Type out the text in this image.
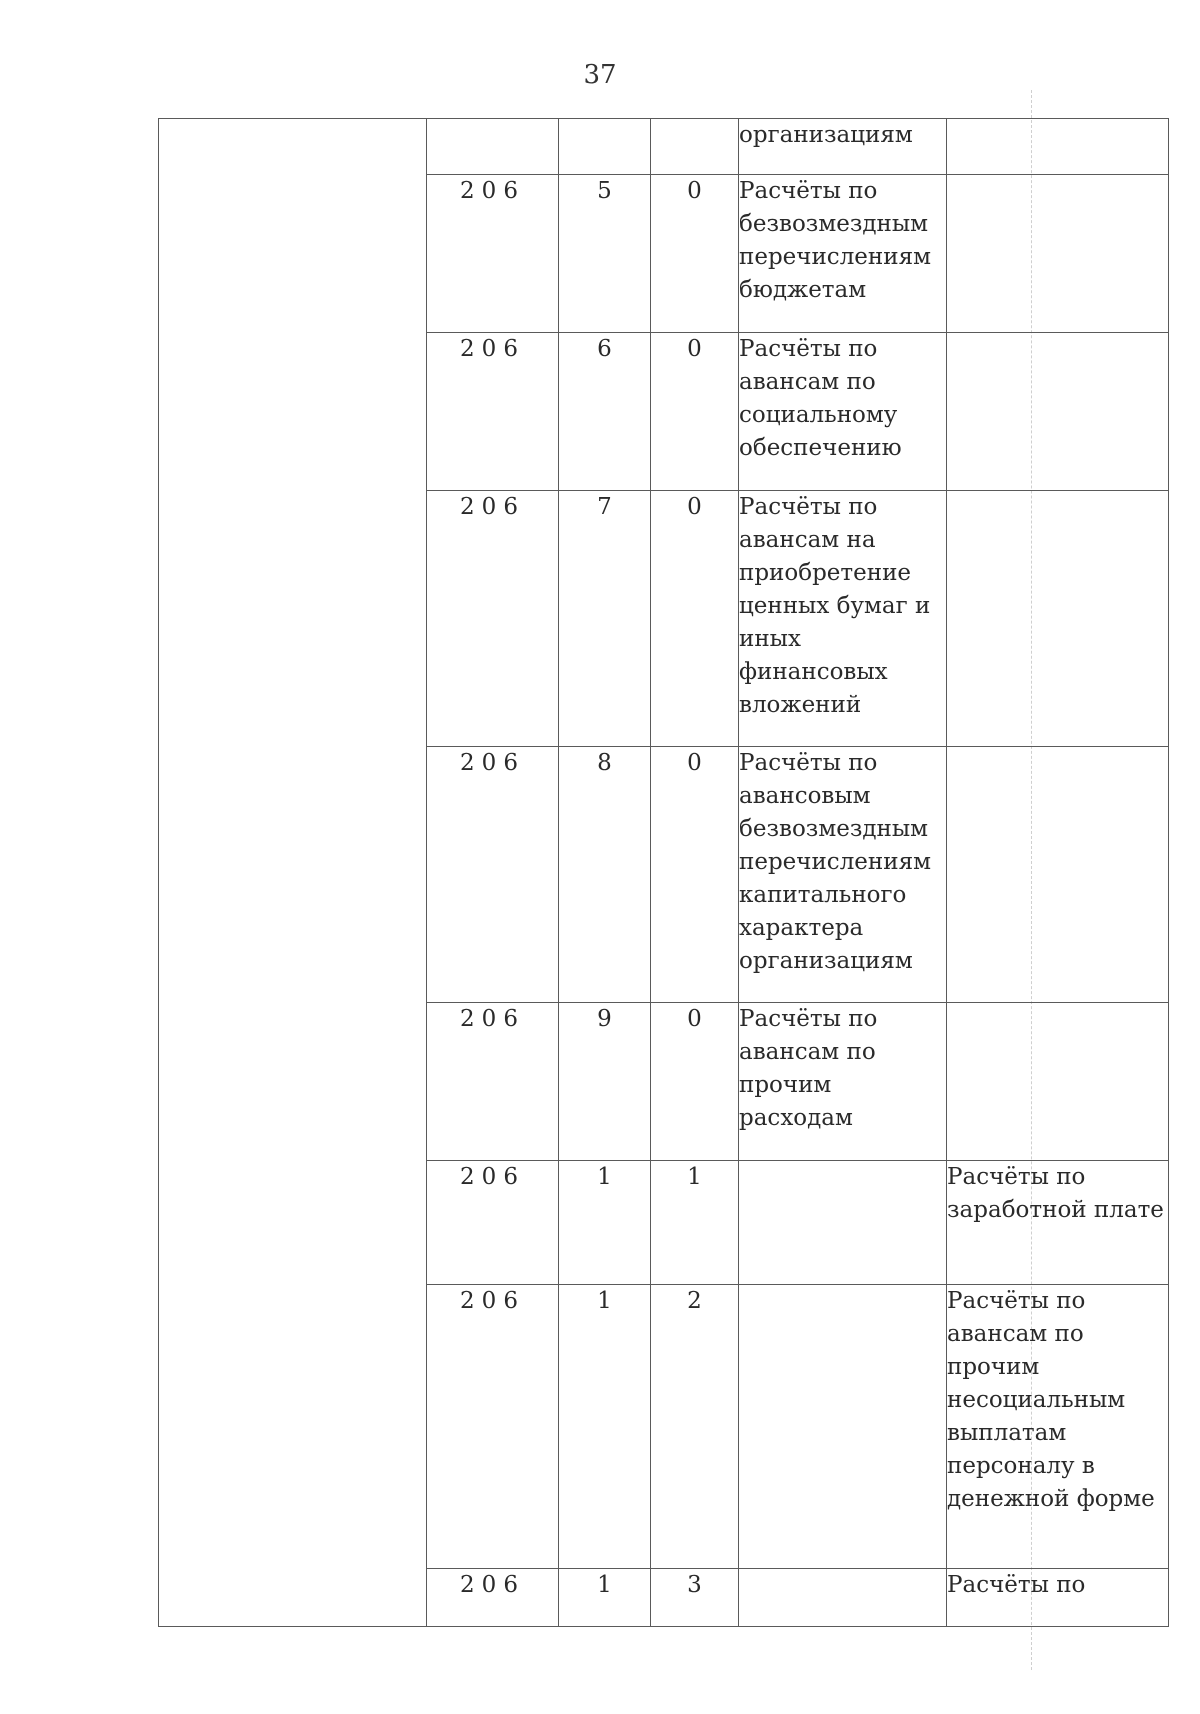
37
				организациям	
	206	5	0	Расчёты по безвозмездным перечислениям бюджетам	
	206	6	0	Расчёты по авансам по социальному обеспечению	
	206	7	0	Расчёты по авансам на приобретение ценных бумаг и иных финансовых вложений	
	206	8	0	Расчёты по авансовым безвозмездным перечислениям капитального характера организациям	
	206	9	0	Расчёты по авансам по прочим расходам	
	206	1	1		Расчёты по заработной плате
	206	1	2		Расчёты по авансам по прочим несоциальным выплатам персоналу в денежной форме
	206	1	3		Расчёты по
